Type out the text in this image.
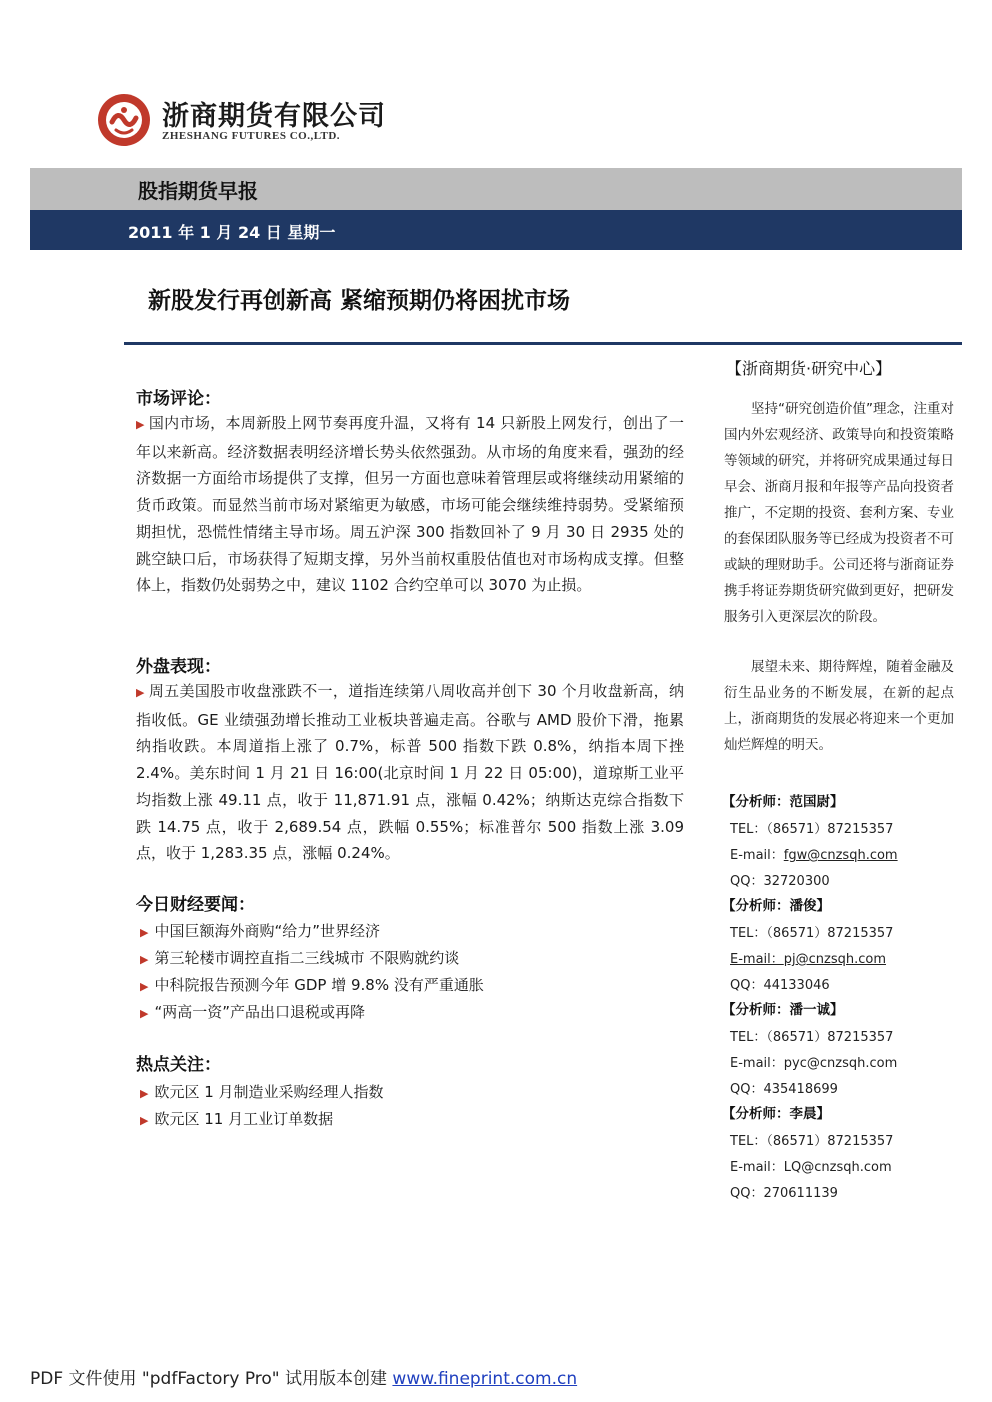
浙商期货有限公司
ZHESHANG FUTURES CO.,LTD.
股指期货早报
2011 年 1 月 24 日 星期一
新股发行再创新高 紧缩预期仍将困扰市场
市场评论：
▶ 国内市场，本周新股上网节奏再度升温，又将有 14 只新股上网发行，创出了一年以来新高。经济数据表明经济增长势头依然强劲。从市场的角度来看，强劲的经济数据一方面给市场提供了支撑，但另一方面也意味着管理层或将继续动用紧缩的货币政策。而显然当前市场对紧缩更为敏感，市场可能会继续维持弱势。受紧缩预期担忧，恐慌性情绪主导市场。周五沪深 300 指数回补了 9 月 30 日 2935 处的跳空缺口后，市场获得了短期支撑，另外当前权重股估值也对市场构成支撑。但整体上，指数仍处弱势之中，建议 1102 合约空单可以 3070 为止损。
外盘表现：
▶ 周五美国股市收盘涨跌不一，道指连续第八周收高并创下 30 个月收盘新高，纳指收低。GE 业绩强劲增长推动工业板块普遍走高。谷歌与 AMD 股价下滑，拖累纳指收跌。本周道指上涨了 0.7%，标普 500 指数下跌 0.8%，纳指本周下挫 2.4%。美东时间 1 月 21 日 16:00(北京时间 1 月 22 日 05:00)，道琼斯工业平均指数上涨 49.11 点，收于 11,871.91 点，涨幅 0.42%；纳斯达克综合指数下跌 14.75 点，收于 2,689.54 点，跌幅 0.55%；标准普尔 500 指数上涨 3.09 点，收于 1,283.35 点，涨幅 0.24%。
今日财经要闻：
▶ 中国巨额海外商购“给力”世界经济
▶ 第三轮楼市调控直指二三线城市 不限购就约谈
▶ 中科院报告预测今年 GDP 增 9.8% 没有严重通胀
▶ “两高一资”产品出口退税或再降
热点关注：
▶ 欧元区 1 月制造业采购经理人指数
▶ 欧元区 11 月工业订单数据
【浙商期货·研究中心】
坚持“研究创造价值”理念，注重对国内外宏观经济、政策导向和投资策略等领域的研究，并将研究成果通过每日早会、浙商月报和年报等产品向投资者推广，不定期的投资、套利方案、专业的套保团队服务等已经成为投资者不可或缺的理财助手。公司还将与浙商证券携手将证券期货研究做到更好，把研发服务引入更深层次的阶段。
展望未来、期待辉煌，随着金融及衍生品业务的不断发展，在新的起点上，浙商期货的发展必将迎来一个更加灿烂辉煌的明天。
【分析师：范国尉】
TEL：（86571）87215357
E-mail：fgw@cnzsqh.com
QQ：32720300
【分析师：潘俊】
TEL：（86571）87215357
E-mail：pj@cnzsqh.com
QQ：44133046
【分析师：潘一诚】
TEL：（86571）87215357
E-mail：pyc@cnzsqh.com
QQ：435418699
【分析师：李晨】
TEL：（86571）87215357
E-mail：LQ@cnzsqh.com
QQ：270611139
PDF 文件使用 "pdfFactory Pro" 试用版本创建 www.fineprint.com.cn
